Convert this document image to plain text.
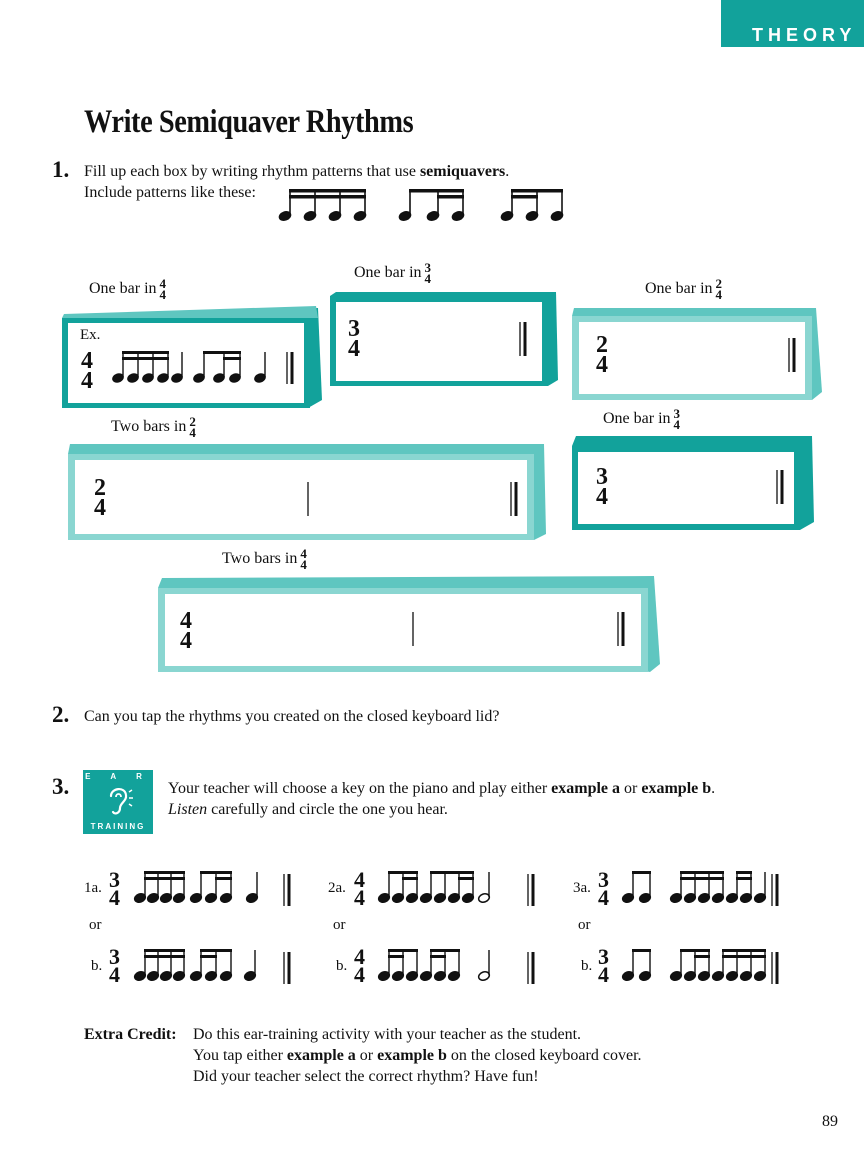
THEORY
Write Semiquaver Rhythms
1. Fill up each box by writing rhythm patterns that use semiquavers.
Include patterns like these:
One bar in 4
4
One bar in 3
4
One bar in 2
4
Two bars in 2
4
One bar in 3
4
Two bars in 4
4
Ex.
4
4
3
4	2
4
2
4
3
4
4
4
2. Can you tap the rhythms you created on the closed keyboard lid?
3. E A R
TRAINING
Your teacher will choose a key on the piano and play either example a or example b.
Listen carefully and circle the one you hear.
1a.
or
b.
2a.
or
b.
3a.
or
b.
3
4
3
4
4
4
4
4
3
4
3
4
Extra Credit: Do this ear-training activity with your teacher as the student.
You tap either example a or example b on the closed keyboard cover.
Did your teacher select the correct rhythm? Have fun!
89
